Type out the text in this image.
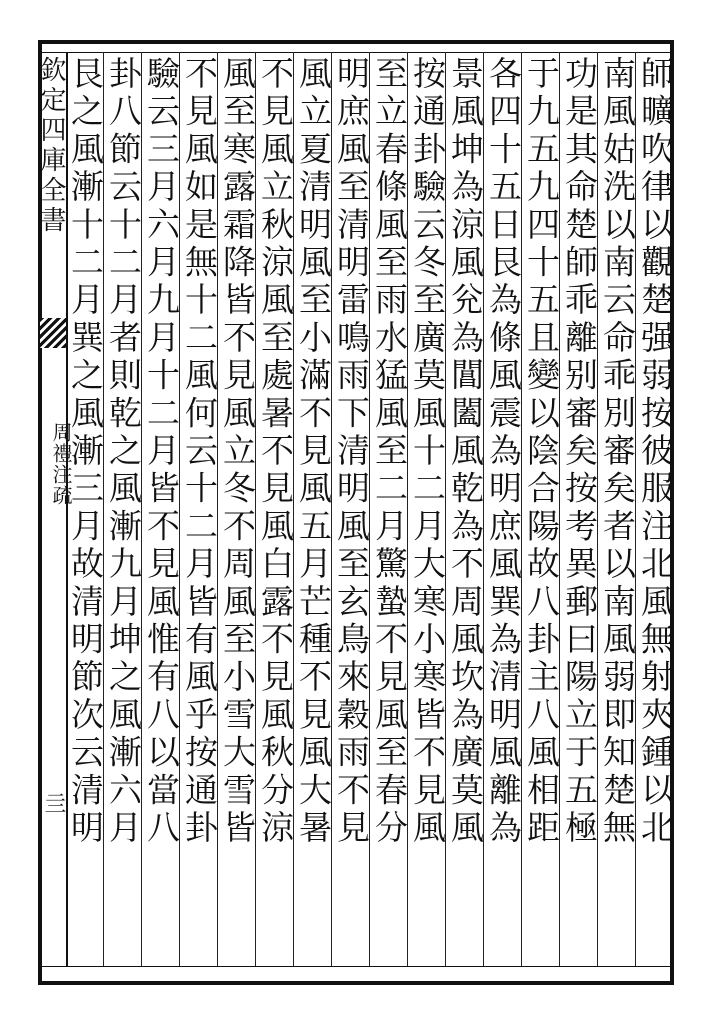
欽定四庫全書
周禮注疏
亖	師曠吹律以觀楚强弱按彼服注北風無射夾鍾以北
南風姑洗以南云命乖別審矣者以南風弱即知楚無
功是其命楚師乖離别審矣按考異郵曰陽立于五極
于九五九四十五且變以陰合陽故八卦主八風相距
各四十五日艮為條風震為明庶風巽為清明風離為
景風坤為涼風兊為閶闔風乾為不周風坎為廣莫風
按通卦驗云冬至廣莫風十二月大寒小寒皆不見風
至立春條風至雨水猛風至二月驚蟄不見風至春分
明庶風至清明雷鳴雨下清明風至玄鳥來穀雨不見
風立夏清明風至小滿不見風五月芒種不見風大暑
不見風立秋涼風至處暑不見風白露不見風秋分涼
風至寒露霜降皆不見風立冬不周風至小雪大雪皆
不見風如是無十二風何云十二月皆有風乎按通卦
驗云三月六月九月十二月皆不見風惟有八以當八
卦八節云十二月者則乾之風漸九月坤之風漸六月
艮之風漸十二月巽之風漸三月故清明節次云清明
